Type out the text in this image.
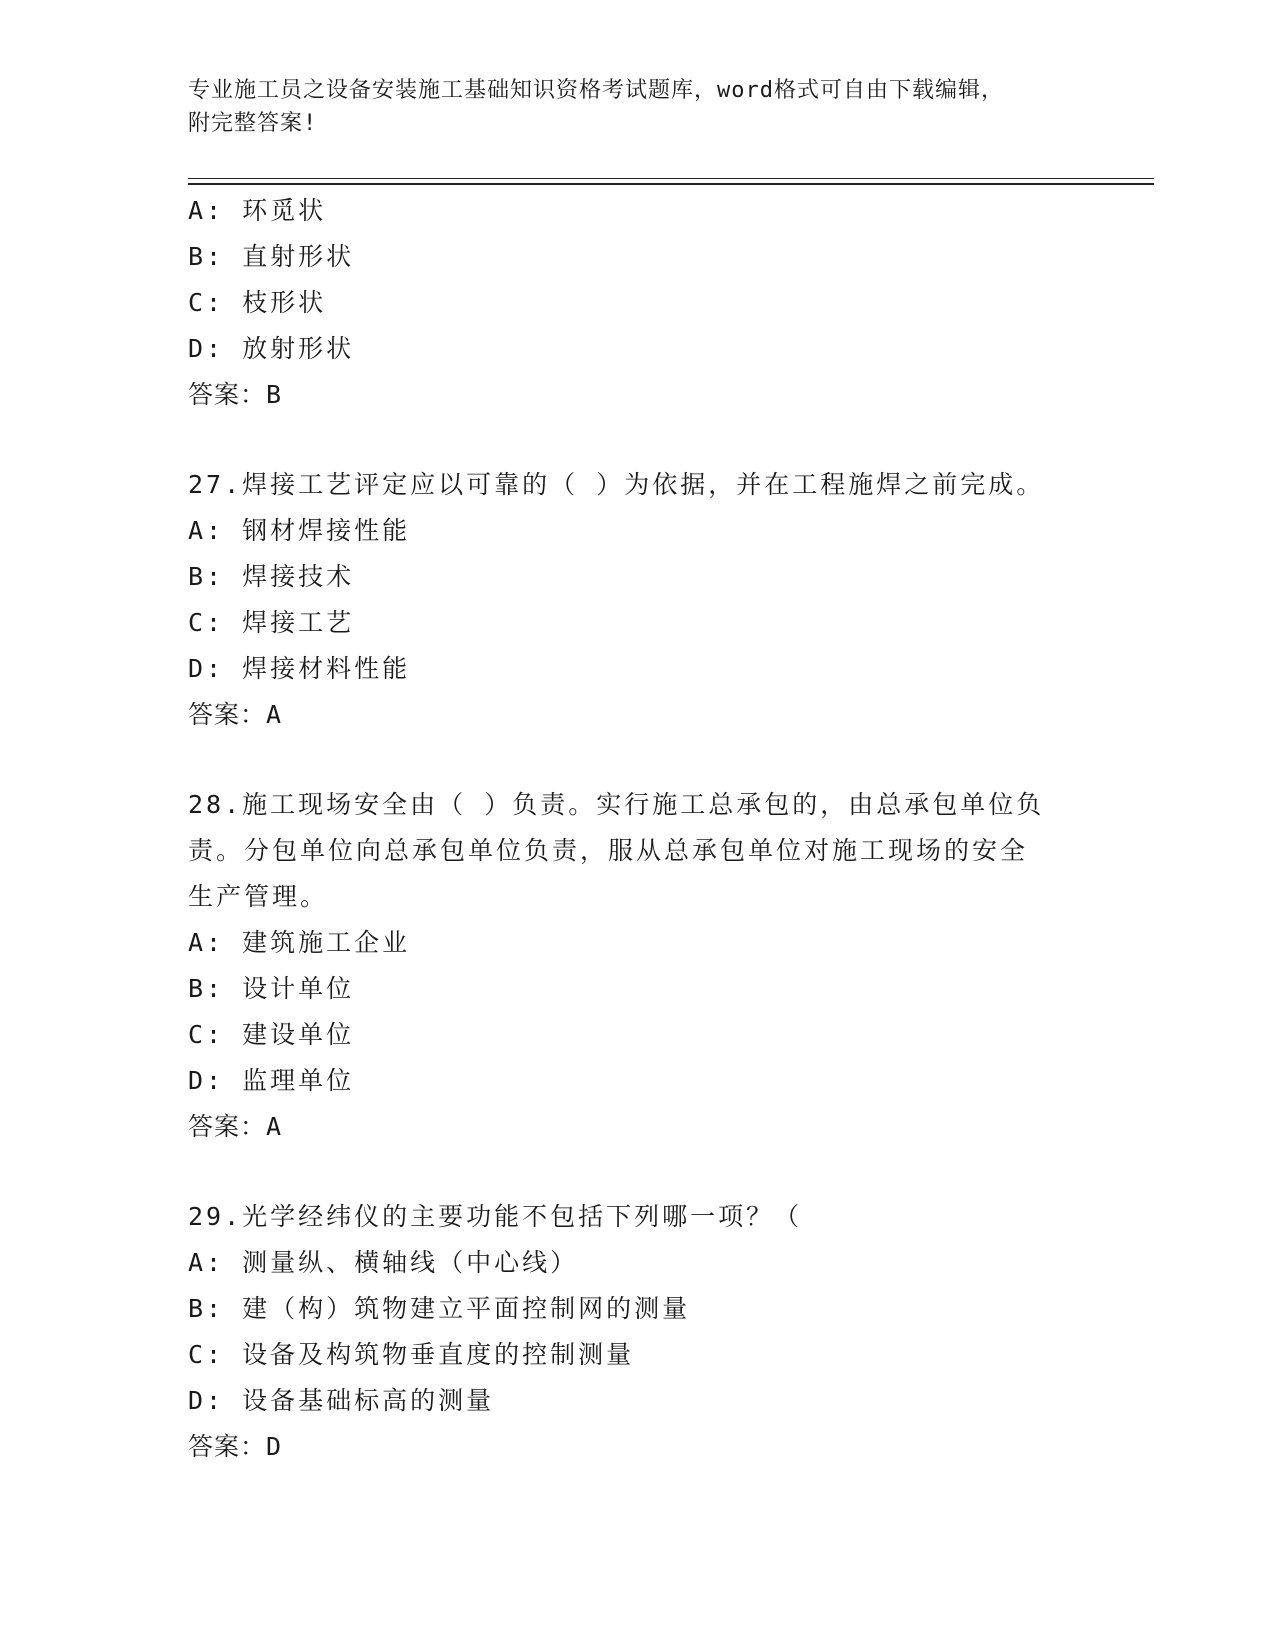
专业施工员之设备安装施工基础知识资格考试题库，word格式可自由下载编辑，
附完整答案!
A: 环觅状
B: 直射形状
C: 枝形状
D: 放射形状
答案：B
27.焊接工艺评定应以可靠的（ ）为依据，并在工程施焊之前完成。
A: 钢材焊接性能
B: 焊接技术
C: 焊接工艺
D: 焊接材料性能
答案：A
28.施工现场安全由（ ）负责。实行施工总承包的，由总承包单位负
责。分包单位向总承包单位负责，服从总承包单位对施工现场的安全
生产管理。
A: 建筑施工企业
B: 设计单位
C: 建设单位
D: 监理单位
答案：A
29.光学经纬仪的主要功能不包括下列哪一项？（
A: 测量纵、横轴线（中心线）
B: 建（构）筑物建立平面控制网的测量
C: 设备及构筑物垂直度的控制测量
D: 设备基础标高的测量
答案：D
